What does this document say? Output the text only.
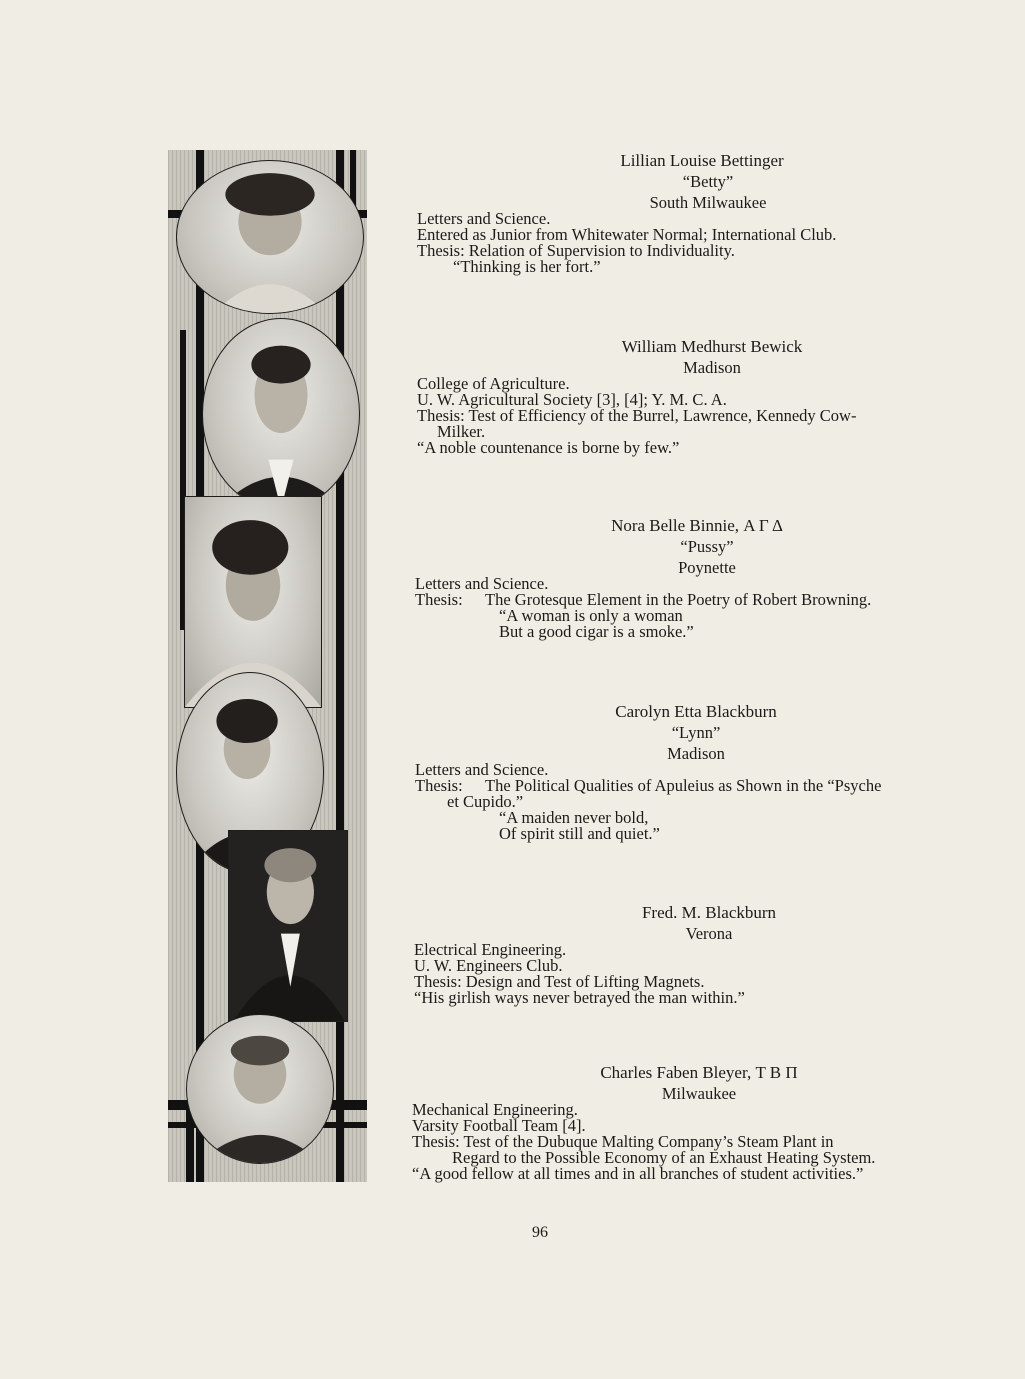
Lillian Louise Bettinger
“Betty”
South Milwaukee
Letters and Science.
Entered as Junior from Whitewater Normal; International Club.
Thesis: Relation of Supervision to Individuality.
“Thinking is her fort.”
William Medhurst Bewick
Madison
College of Agriculture.
U. W. Agricultural Society [3], [4]; Y. M. C. A.
Thesis: Test of Efficiency of the Burrel, Lawrence, Kennedy Cow-
Milker.
“A noble countenance is borne by few.”
Nora Belle Binnie, Α Γ Δ
“Pussy”
Poynette
Letters and Science.
Thesis:	The Grotesque Element in the Poetry of Robert Browning.
“A woman is only a woman
But a good cigar is a smoke.”
Carolyn Etta Blackburn
“Lynn”
Madison
Letters and Science.
Thesis:	The Political Qualities of Apuleius as Shown in the “Psyche
et Cupido.”
“A maiden never bold,
Of spirit still and quiet.”
Fred. M. Blackburn
Verona
Electrical Engineering.
U. W. Engineers Club.
Thesis: Design and Test of Lifting Magnets.
“His girlish ways never betrayed the man within.”
Charles Faben Bleyer, Τ Β Π
Milwaukee
Mechanical Engineering.
Varsity Football Team [4].
Thesis: Test of the Dubuque Malting Company’s Steam Plant in
Regard to the Possible Economy of an Exhaust Heating System.
“A good fellow at all times and in all branches of student activities.”
96
